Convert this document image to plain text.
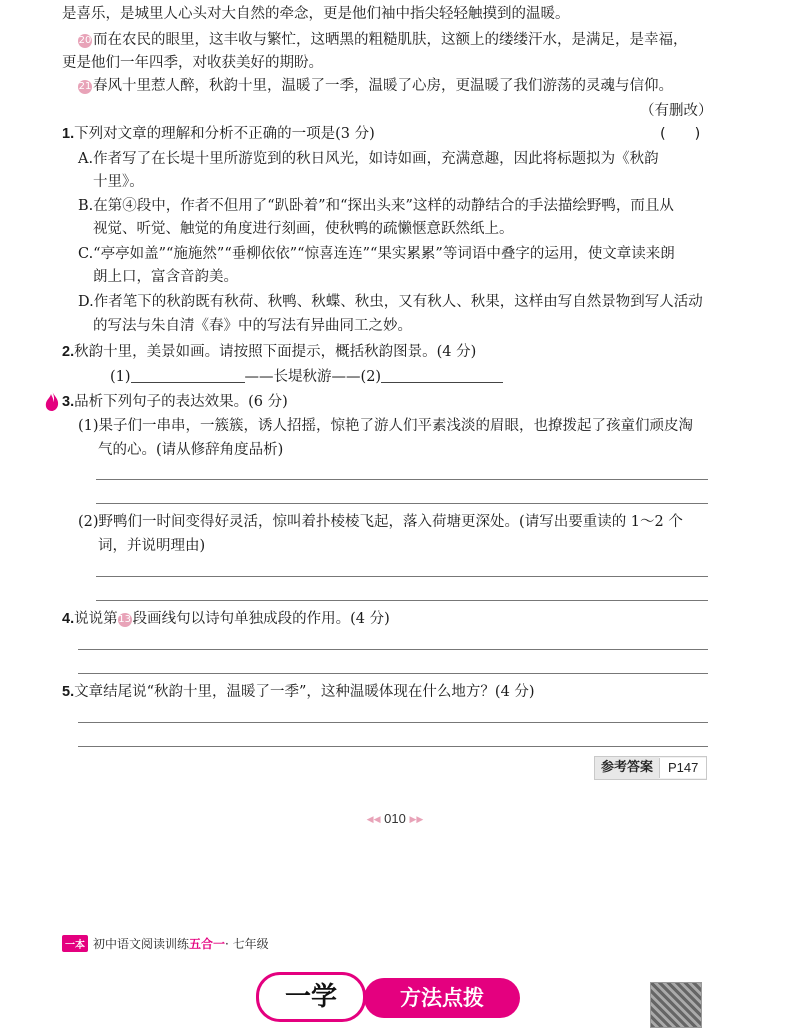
是喜乐，是城里人心头对大自然的牵念，更是他们袖中指尖轻轻触摸到的温暖。
20 而在农民的眼里，这丰收与繁忙，这晒黑的粗糙肌肤，这额上的缕缕汗水，是满足，是幸福，
更是他们一年四季，对收获美好的期盼。
21 春风十里惹人醉，秋韵十里，温暖了一季，温暖了心房，更温暖了我们游荡的灵魂与信仰。
（有删改）
1.下列对文章的理解和分析不正确的一项是(3 分)	(　　)
A.作者写了在长堤十里所游览到的秋日风光，如诗如画，充满意趣，因此将标题拟为《秋韵
十里》。
B.在第④段中，作者不但用了“趴卧着”和“探出头来”这样的动静结合的手法描绘野鸭，而且从
视觉、听觉、触觉的角度进行刻画，使秋鸭的疏懒惬意跃然纸上。
C.“亭亭如盖”“施施然”“垂柳依依”“惊喜连连”“果实累累”等词语中叠字的运用，使文章读来朗
朗上口，富含音韵美。
D.作者笔下的秋韵既有秋荷、秋鸭、秋蝶、秋虫，又有秋人、秋果，这样由写自然景物到写人活动
的写法与朱自清《春》中的写法有异曲同工之妙。
2.秋韵十里，美景如画。请按照下面提示，概括秋韵图景。(4 分)
(1)	——长堤秋游——(2)
3.品析下列句子的表达效果。(6 分)
(1)果子们一串串，一簇簇，诱人招摇，惊艳了游人们平素浅淡的眉眼，也撩拨起了孩童们顽皮淘
气的心。(请从修辞角度品析)
(2)野鸭们一时间变得好灵活，惊叫着扑棱棱飞起，落入荷塘更深处。(请写出要重读的 1～2 个
词，并说明理由)
4.说说第13 段画线句以诗句单独成段的作用。(4 分)
5.文章结尾说“秋韵十里，温暖了一季”，这种温暖体现在什么地方？(4 分)
参考答案	P147
◀◀ 010 ▶▶
一本 初中语文阅读训练 五合一 · 七年级
一学	方法点拨
